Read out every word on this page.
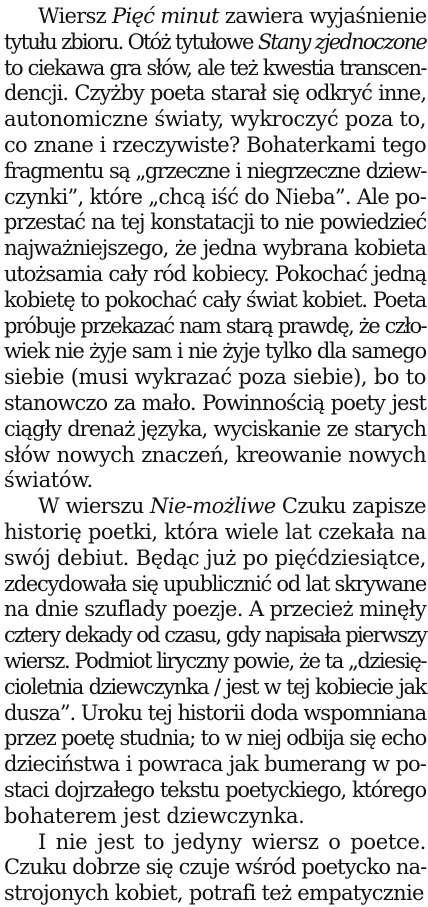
Wiersz Pięć minut zawiera wyjaśnienie
tytułu zbioru. Otóż tytułowe Stany zjednoczone
to ciekawa gra słów, ale też kwestia transcen-
dencji. Czyżby poeta starał się odkryć inne,
autonomiczne światy, wykroczyć poza to,
co znane i rzeczywiste? Bohaterkami tego
fragmentu są „grzeczne i niegrzeczne dziew-
czynki”, które „chcą iść do Nieba”. Ale po-
przestać na tej konstatacji to nie powiedzieć
najważniejszego, że jedna wybrana kobieta
utożsamia cały ród kobiecy. Pokochać jedną
kobietę to pokochać cały świat kobiet. Poeta
próbuje przekazać nam starą prawdę, że czło-
wiek nie żyje sam i nie żyje tylko dla samego
siebie (musi wykrazać poza siebie), bo to
stanowczo za mało. Powinnością poety jest
ciągły drenaż języka, wyciskanie ze starych
słów nowych znaczeń, kreowanie nowych
światów.
W wierszu Nie-możliwe Czuku zapisze
historię poetki, która wiele lat czekała na
swój debiut. Będąc już po pięćdziesiątce,
zdecydowała się upublicznić od lat skrywane
na dnie szuflady poezje. A przecież minęły
cztery dekady od czasu, gdy napisała pierwszy
wiersz. Podmiot liryczny powie, że ta „dziesię-
cioletnia dziewczynka / jest w tej kobiecie jak
dusza”. Uroku tej historii doda wspomniana
przez poetę studnia; to w niej odbija się echo
dzieciństwa i powraca jak bumerang w po-
staci dojrzałego tekstu poetyckiego, którego
bohaterem jest dziewczynka.
I nie jest to jedyny wiersz o poetce.
Czuku dobrze się czuje wśród poetycko na-
strojonych kobiet, potrafi też empatycznie
